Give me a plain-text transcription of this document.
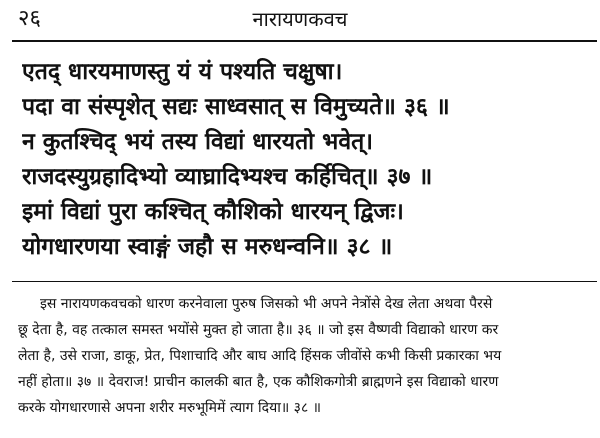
२६	नारायणकवच
एतद् धारयमाणस्तु यं यं पश्यति चक्षुषा।
पदा वा संस्पृशेत् सद्यः साध्वसात् स विमुच्यते॥ ३६ ॥
न कुतश्चिद् भयं तस्य विद्यां धारयतो भवेत्।
राजदस्युग्रहादिभ्यो व्याघ्रादिभ्यश्च कर्हिचित्॥ ३७ ॥
इमां विद्यां पुरा कश्चित् कौशिको धारयन् द्विजः।
योगधारणया स्वाङ्गं जहौ स मरुधन्वनि॥ ३८ ॥
इस नारायणकवचको धारण करनेवाला पुरुष जिसको भी अपने नेत्रोंसे देख लेता अथवा पैरसे
छू देता है, वह तत्काल समस्त भयोंसे मुक्त हो जाता है॥ ३६ ॥ जो इस वैष्णवी विद्याको धारण कर
लेता है, उसे राजा, डाकू, प्रेत, पिशाचादि और बाघ आदि हिंसक जीवोंसे कभी किसी प्रकारका भय
नहीं होता॥ ३७ ॥ देवराज! प्राचीन कालकी बात है, एक कौशिकगोत्री ब्राह्मणने इस विद्याको धारण
करके योगधारणासे अपना शरीर मरुभूमिमें त्याग दिया॥ ३८ ॥
